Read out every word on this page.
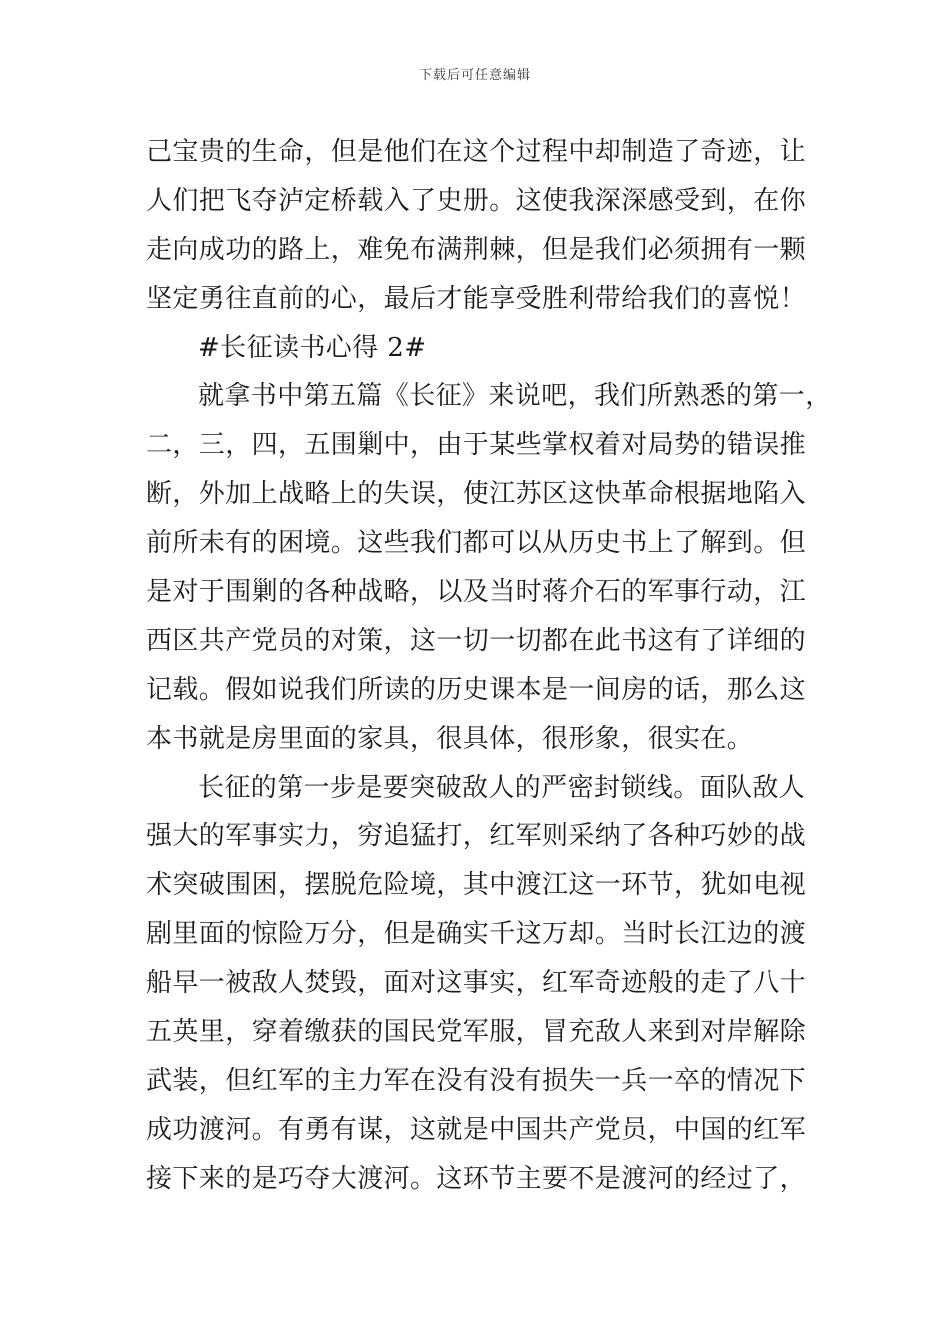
下载后可任意编辑
己宝贵的生命，但是他们在这个过程中却制造了奇迹，让
人们把飞夺泸定桥载入了史册。这使我深深感受到，在你
走向成功的路上，难免布满荆棘，但是我们必须拥有一颗
坚定勇往直前的心，最后才能享受胜利带给我们的喜悦！
#长征读书心得 2#
就拿书中第五篇《长征》来说吧，我们所熟悉的第一，
二，三，四，五围剿中，由于某些掌权着对局势的错误推
断，外加上战略上的失误，使江苏区这快革命根据地陷入
前所未有的困境。这些我们都可以从历史书上了解到。但
是对于围剿的各种战略，以及当时蒋介石的军事行动，江
西区共产党员的对策，这一切一切都在此书这有了详细的
记载。假如说我们所读的历史课本是一间房的话，那么这
本书就是房里面的家具，很具体，很形象，很实在。
长征的第一步是要突破敌人的严密封锁线。面队敌人
强大的军事实力，穷追猛打，红军则采纳了各种巧妙的战
术突破围困，摆脱危险境，其中渡江这一环节，犹如电视
剧里面的惊险万分，但是确实千这万却。当时长江边的渡
船早一被敌人焚毁，面对这事实，红军奇迹般的走了八十
五英里，穿着缴获的国民党军服，冒充敌人来到对岸解除
武装，但红军的主力军在没有没有损失一兵一卒的情况下
成功渡河。有勇有谋，这就是中国共产党员，中国的红军
接下来的是巧夺大渡河。这环节主要不是渡河的经过了，
